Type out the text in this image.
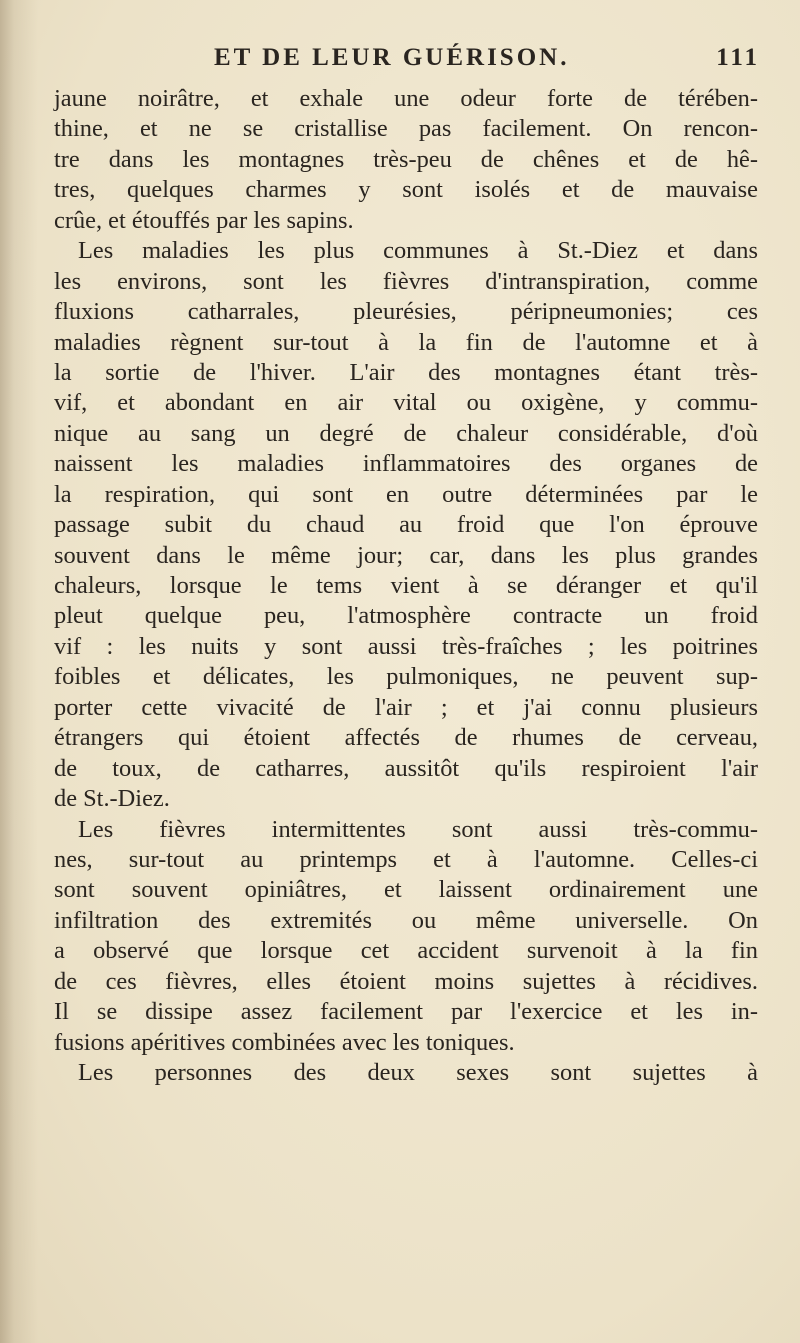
ET DE LEUR GUÉRISON.	111
jaune noirâtre, et exhale une odeur forte de térében-
thine, et ne se cristallise pas facilement. On rencon-
tre dans les montagnes très-peu de chênes et de hê-
tres, quelques charmes y sont isolés et de mauvaise
crûe, et étouffés par les sapins.
Les maladies les plus communes à St.-Diez et dans
les environs, sont les fièvres d'intranspiration, comme
fluxions catharrales, pleurésies, péripneumonies; ces
maladies règnent sur-tout à la fin de l'automne et à
la sortie de l'hiver. L'air des montagnes étant très-
vif, et abondant en air vital ou oxigène, y commu-
nique au sang un degré de chaleur considérable, d'où
naissent les maladies inflammatoires des organes de
la respiration, qui sont en outre déterminées par le
passage subit du chaud au froid que l'on éprouve
souvent dans le même jour; car, dans les plus grandes
chaleurs, lorsque le tems vient à se déranger et qu'il
pleut quelque peu, l'atmosphère contracte un froid
vif : les nuits y sont aussi très-fraîches ; les poitrines
foibles et délicates, les pulmoniques, ne peuvent sup-
porter cette vivacité de l'air ; et j'ai connu plusieurs
étrangers qui étoient affectés de rhumes de cerveau,
de toux, de catharres, aussitôt qu'ils respiroient l'air
de St.-Diez.
Les fièvres intermittentes sont aussi très-commu-
nes, sur-tout au printemps et à l'automne. Celles-ci
sont souvent opiniâtres, et laissent ordinairement une
infiltration des extremités ou même universelle. On
a observé que lorsque cet accident survenoit à la fin
de ces fièvres, elles étoient moins sujettes à récidives.
Il se dissipe assez facilement par l'exercice et les in-
fusions apéritives combinées avec les toniques.
Les personnes des deux sexes sont sujettes à
